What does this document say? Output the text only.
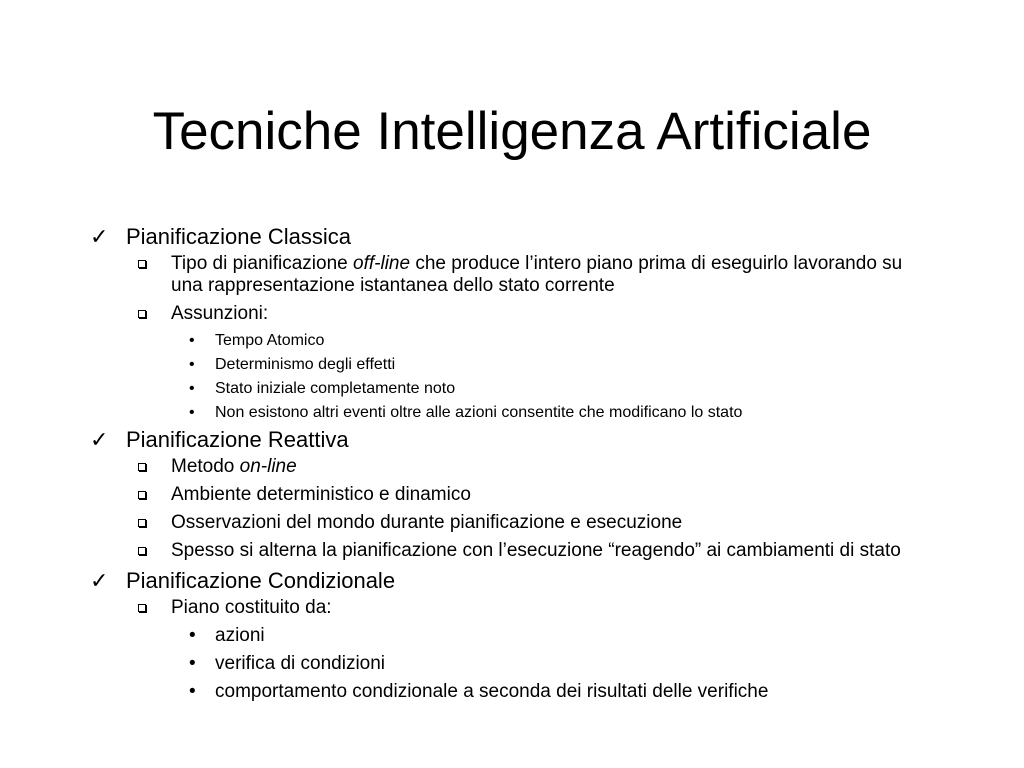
Tecniche Intelligenza Artificiale
✓ Pianificazione Classica
Tipo di pianificazione off-line che produce l’intero piano prima di eseguirlo lavorando su una rappresentazione istantanea dello stato corrente
Assunzioni:
• Tempo Atomico
• Determinismo degli effetti
• Stato iniziale completamente noto
• Non esistono altri eventi oltre alle azioni consentite che modificano lo stato
✓ Pianificazione Reattiva
Metodo on-line
Ambiente deterministico e dinamico
Osservazioni del mondo durante pianificazione e esecuzione
Spesso si alterna la pianificazione con l’esecuzione “reagendo” ai cambiamenti di stato
✓ Pianificazione Condizionale
Piano costituito da:
• azioni
• verifica di condizioni
• comportamento condizionale a seconda dei risultati delle verifiche
